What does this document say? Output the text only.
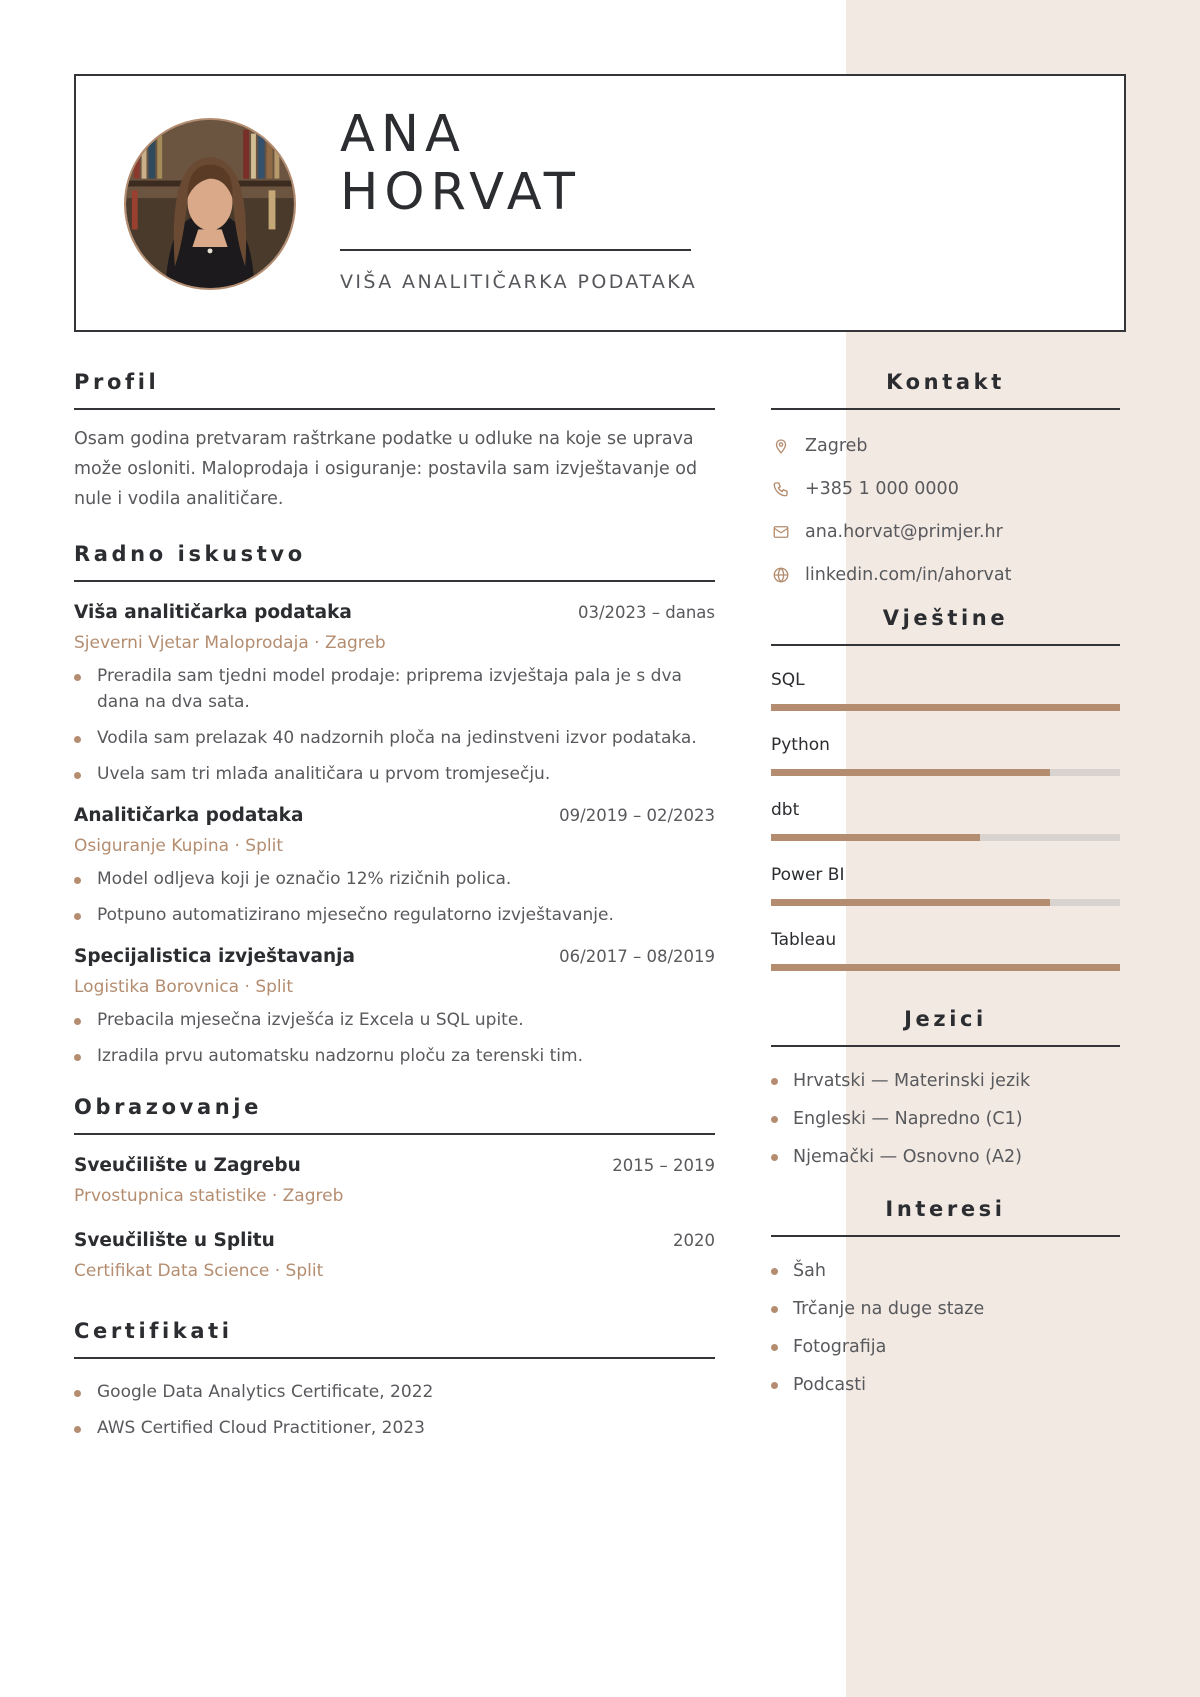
ANA
HORVAT
VIŠA ANALITIČARKA PODATAKA
Profil

Osam godina pretvaram raštrkane podatke u odluke na koje se uprava može osloniti. Maloprodaja i osiguranje: postavila sam izvještavanje od nule i vodila analitičare.

Radno iskustvo
Viša analitičarka podataka	03/2023 – danas
Sjeverni Vjetar Maloprodaja · Zagreb
Preradila sam tjedni model prodaje: priprema izvještaja pala je s dva dana na dva sata.
Vodila sam prelazak 40 nadzornih ploča na jedinstveni izvor podataka.
Uvela sam tri mlađa analitičara u prvom tromjesečju.
Analitičarka podataka	09/2019 – 02/2023
Osiguranje Kupina · Split
Model odljeva koji je označio 12% rizičnih polica.
Potpuno automatizirano mjesečno regulatorno izvještavanje.
Specijalistica izvještavanja	06/2017 – 08/2019
Logistika Borovnica · Split
Prebacila mjesečna izvješća iz Excela u SQL upite.
Izradila prvu automatsku nadzornu ploču za terenski tim.
Obrazovanje
Sveučilište u Zagrebu	2015 – 2019
Prvostupnica statistike · Zagreb
Sveučilište u Splitu	2020
Certifikat Data Science · Split
Certifikati
Google Data Analytics Certificate, 2022
AWS Certified Cloud Practitioner, 2023
Kontakt
Zagreb
+385 1 000 0000
ana.horvat@primjer.hr
linkedin.com/in/ahorvat
Vještine
SQL
Python
dbt
Power BI
Tableau
Jezici
Hrvatski — Materinski jezik
Engleski — Napredno (C1)
Njemački — Osnovno (A2)
Interesi
Šah
Trčanje na duge staze
Fotografija
Podcasti
